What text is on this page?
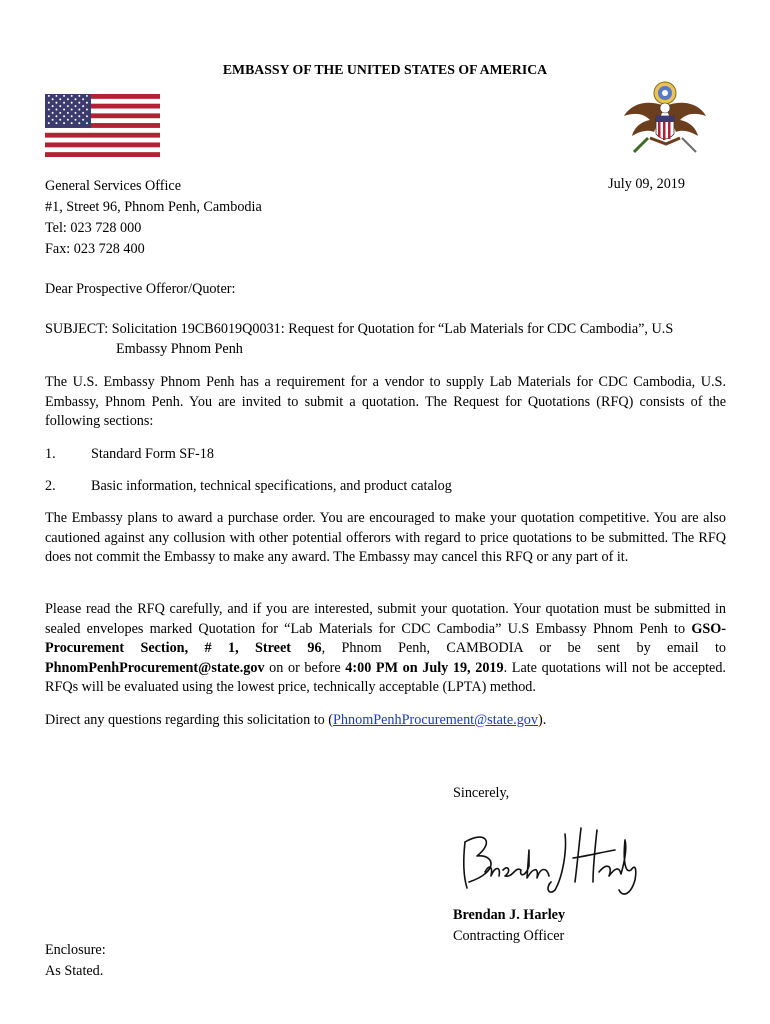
EMBASSY OF THE UNITED STATES OF AMERICA
General Services Office
#1, Street 96, Phnom Penh, Cambodia
Tel: 023 728 000
Fax: 023 728 400
July 09, 2019
Dear Prospective Offeror/Quoter:
SUBJECT: Solicitation 19CB6019Q0031: Request for Quotation for “Lab Materials for CDC Cambodia”, U.S
Embassy Phnom Penh
The U.S. Embassy Phnom Penh has a requirement for a vendor to supply Lab Materials for CDC Cambodia, U.S. Embassy, Phnom Penh. You are invited to submit a quotation. The Request for Quotations (RFQ) consists of the following sections:
1. Standard Form SF-18
2. Basic information, technical specifications, and product catalog
The Embassy plans to award a purchase order. You are encouraged to make your quotation competitive. You are also cautioned against any collusion with other potential offerors with regard to price quotations to be submitted. The RFQ does not commit the Embassy to make any award. The Embassy may cancel this RFQ or any part of it.
Please read the RFQ carefully, and if you are interested, submit your quotation. Your quotation must be submitted in sealed envelopes marked Quotation for “Lab Materials for CDC Cambodia” U.S Embassy Phnom Penh to GSO-Procurement Section, # 1, Street 96, Phnom Penh, CAMBODIA or be sent by email to PhnomPenhProcurement@state.gov on or before 4:00 PM on July 19, 2019. Late quotations will not be accepted. RFQs will be evaluated using the lowest price, technically acceptable (LPTA) method.
Direct any questions regarding this solicitation to (PhnomPenhProcurement@state.gov).
Sincerely,
Brendan J. Harley
Contracting Officer
Enclosure:
As Stated.
